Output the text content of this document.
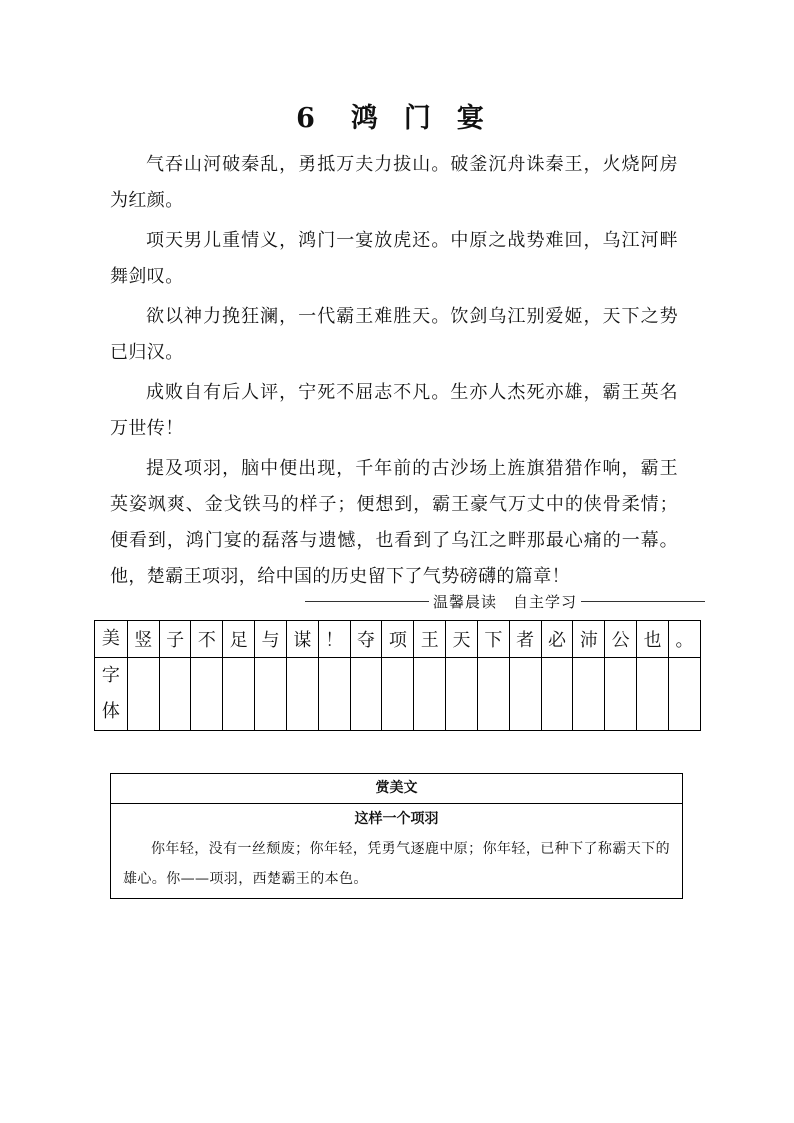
6 鸿 门 宴

气吞山河破秦乱，勇抵万夫力拔山。破釜沉舟诛秦王，火烧阿房为红颜。

项天男儿重情义，鸿门一宴放虎还。中原之战势难回，乌江河畔舞剑叹。

欲以神力挽狂澜，一代霸王难胜天。饮剑乌江别爱姬，天下之势已归汉。

成败自有后人评，宁死不屈志不凡。生亦人杰死亦雄，霸王英名万世传！

提及项羽，脑中便出现，千年前的古沙场上旌旗猎猎作响，霸王英姿飒爽、金戈铁马的样子；便想到，霸王豪气万丈中的侠骨柔情；便看到，鸿门宴的磊落与遗憾，也看到了乌江之畔那最心痛的一幕。他，楚霸王项羽，给中国的历史留下了气势磅礴的篇章！

温馨晨读　自主学习
美	竖	子	不	足	与	谋	！	夺	项	王	天	下	者	必	沛	公	也	。
字
体																		
赏美文
这样一个项羽
你年轻，没有一丝颓废；你年轻，凭勇气逐鹿中原；你年轻，已种下了称霸天下的雄心。你——项羽，西楚霸王的本色。
